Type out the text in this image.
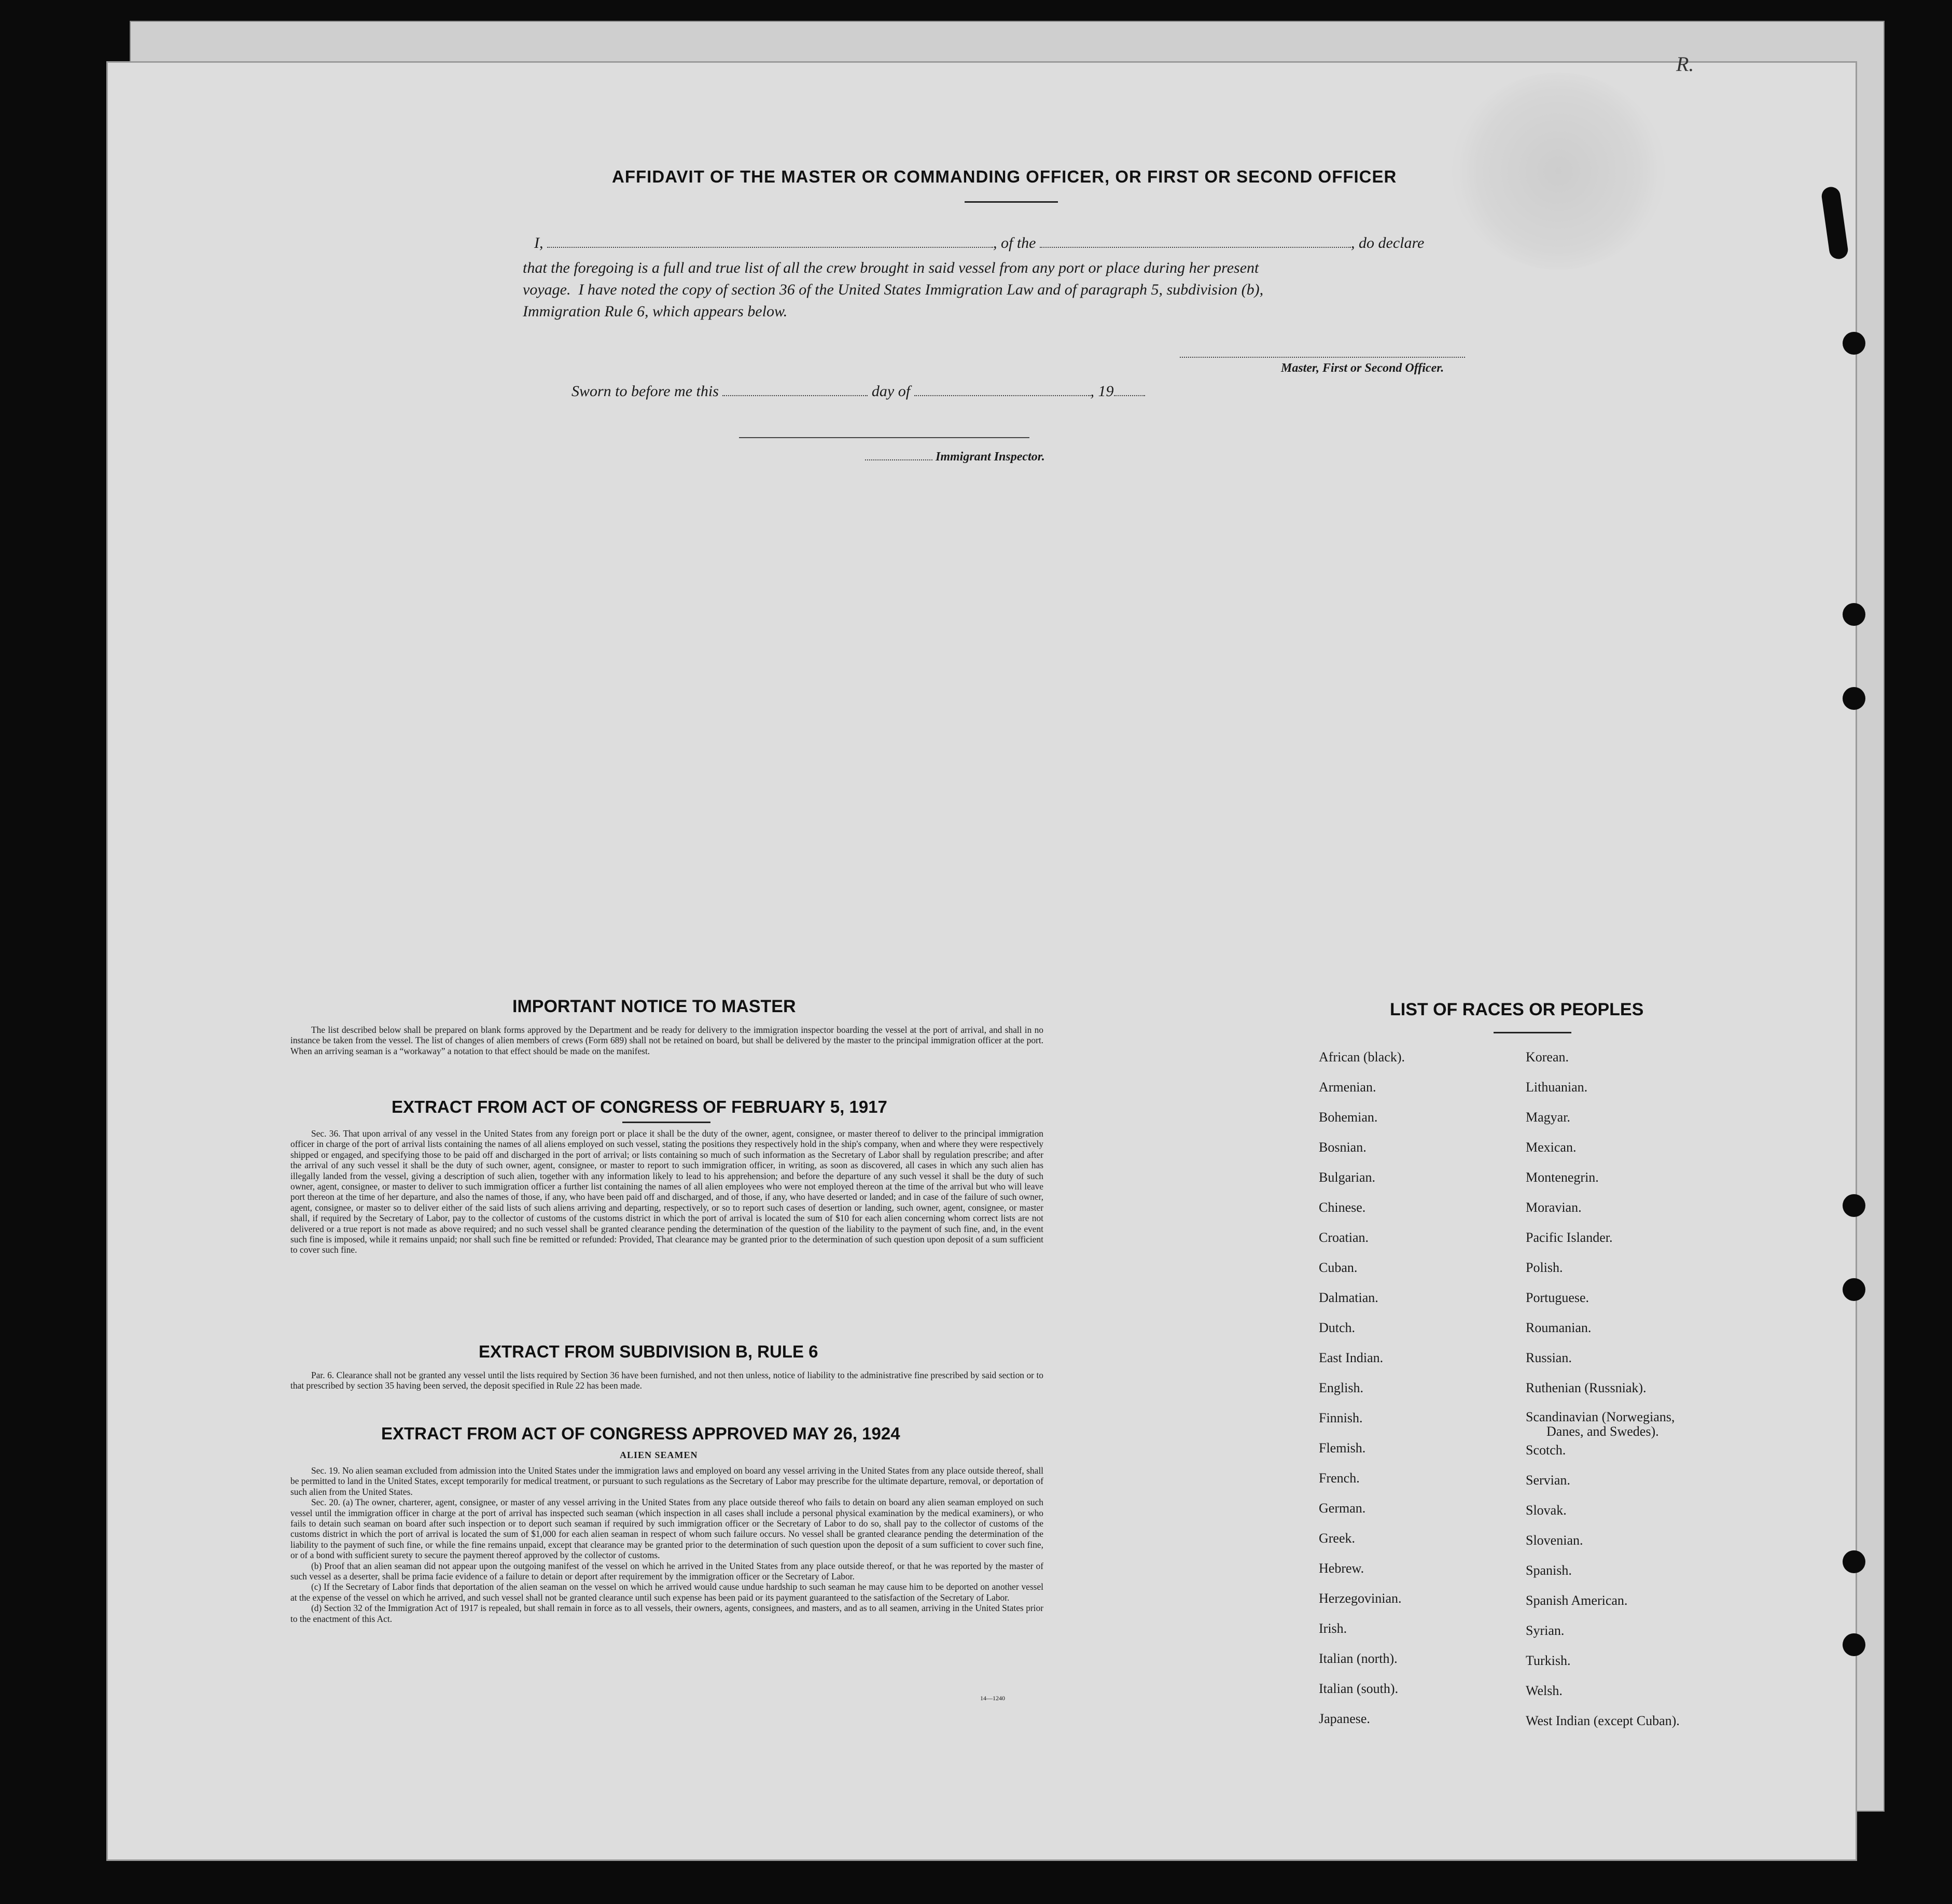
R.
AFFIDAVIT OF THE MASTER OR COMMANDING OFFICER, OR FIRST OR SECOND OFFICER
I,	, of the	, do declare
that the foregoing is a full and true list of all the crew brought in said vessel from any port or place during her present
voyage.  I have noted the copy of section 36 of the United States Immigration Law and of paragraph 5, subdivision (b),
Immigration Rule 6, which appears below.
Master, First or Second Officer.
Sworn to before me this	day of	, 19
Immigrant Inspector.
IMPORTANT NOTICE TO MASTER

The list described below shall be prepared on blank forms approved by the Department and be ready for delivery to the immigration inspector boarding the vessel at the port of arrival, and shall in no instance be taken from the vessel. The list of changes of alien members of crews (Form 689) shall not be retained on board, but shall be delivered by the master to the principal immigration officer at the port. When an arriving seaman is a “workaway” a notation to that effect should be made on the manifest.

EXTRACT FROM ACT OF CONGRESS OF FEBRUARY 5, 1917

Sec. 36. That upon arrival of any vessel in the United States from any foreign port or place it shall be the duty of the owner, agent, consignee, or master thereof to deliver to the principal immigration officer in charge of the port of arrival lists containing the names of all aliens employed on such vessel, stating the positions they respectively hold in the ship's company, when and where they were respectively shipped or engaged, and specifying those to be paid off and discharged in the port of arrival; or lists containing so much of such information as the Secretary of Labor shall by regulation prescribe; and after the arrival of any such vessel it shall be the duty of such owner, agent, consignee, or master to report to such immigration officer, in writing, as soon as discovered, all cases in which any such alien has illegally landed from the vessel, giving a description of such alien, together with any information likely to lead to his apprehension; and before the departure of any such vessel it shall be the duty of such owner, agent, consignee, or master to deliver to such immigration officer a further list containing the names of all alien employees who were not employed thereon at the time of the arrival but who will leave port thereon at the time of her departure, and also the names of those, if any, who have been paid off and discharged, and of those, if any, who have deserted or landed; and in case of the failure of such owner, agent, consignee, or master so to deliver either of the said lists of such aliens arriving and departing, respectively, or so to report such cases of desertion or landing, such owner, agent, consignee, or master shall, if required by the Secretary of Labor, pay to the collector of customs of the customs district in which the port of arrival is located the sum of $10 for each alien concerning whom correct lists are not delivered or a true report is not made as above required; and no such vessel shall be granted clearance pending the determination of the question of the liability to the payment of such fine, and, in the event such fine is imposed, while it remains unpaid; nor shall such fine be remitted or refunded: Provided, That clearance may be granted prior to the determination of such question upon deposit of a sum sufficient to cover such fine.

EXTRACT FROM SUBDIVISION B, RULE 6

Par. 6. Clearance shall not be granted any vessel until the lists required by Section 36 have been furnished, and not then unless, notice of liability to the administrative fine prescribed by said section or to that prescribed by section 35 having been served, the deposit specified in Rule 22 has been made.

EXTRACT FROM ACT OF CONGRESS APPROVED MAY 26, 1924
ALIEN SEAMEN

Sec. 19. No alien seaman excluded from admission into the United States under the immigration laws and employed on board any vessel arriving in the United States from any place outside thereof, shall be permitted to land in the United States, except temporarily for medical treatment, or pursuant to such regulations as the Secretary of Labor may prescribe for the ultimate departure, removal, or deportation of such alien from the United States.

Sec. 20. (a) The owner, charterer, agent, consignee, or master of any vessel arriving in the United States from any place outside thereof who fails to detain on board any alien seaman employed on such vessel until the immigration officer in charge at the port of arrival has inspected such seaman (which inspection in all cases shall include a personal physical examination by the medical examiners), or who fails to detain such seaman on board after such inspection or to deport such seaman if required by such immigration officer or the Secretary of Labor to do so, shall pay to the collector of customs of the customs district in which the port of arrival is located the sum of $1,000 for each alien seaman in respect of whom such failure occurs. No vessel shall be granted clearance pending the determination of the liability to the payment of such fine, or while the fine remains unpaid, except that clearance may be granted prior to the determination of such question upon the deposit of a sum sufficient to cover such fine, or of a bond with sufficient surety to secure the payment thereof approved by the collector of customs.

(b) Proof that an alien seaman did not appear upon the outgoing manifest of the vessel on which he arrived in the United States from any place outside thereof, or that he was reported by the master of such vessel as a deserter, shall be prima facie evidence of a failure to detain or deport after requirement by the immigration officer or the Secretary of Labor.

(c) If the Secretary of Labor finds that deportation of the alien seaman on the vessel on which he arrived would cause undue hardship to such seaman he may cause him to be deported on another vessel at the expense of the vessel on which he arrived, and such vessel shall not be granted clearance until such expense has been paid or its payment guaranteed to the satisfaction of the Secretary of Labor.

(d) Section 32 of the Immigration Act of 1917 is repealed, but shall remain in force as to all vessels, their owners, agents, consignees, and masters, and as to all seamen, arriving in the United States prior to the enactment of this Act.

14—1240
LIST OF RACES OR PEOPLES
African (black).
Armenian.
Bohemian.
Bosnian.
Bulgarian.
Chinese.
Croatian.
Cuban.
Dalmatian.
Dutch.
East Indian.
English.
Finnish.
Flemish.
French.
German.
Greek.
Hebrew.
Herzegovinian.
Irish.
Italian (north).
Italian (south).
Japanese.
Korean.
Lithuanian.
Magyar.
Mexican.
Montenegrin.
Moravian.
Pacific Islander.
Polish.
Portuguese.
Roumanian.
Russian.
Ruthenian (Russniak).
Scandinavian (Norwegians,
Danes, and Swedes).
Scotch.
Servian.
Slovak.
Slovenian.
Spanish.
Spanish American.
Syrian.
Turkish.
Welsh.
West Indian (except Cuban).
